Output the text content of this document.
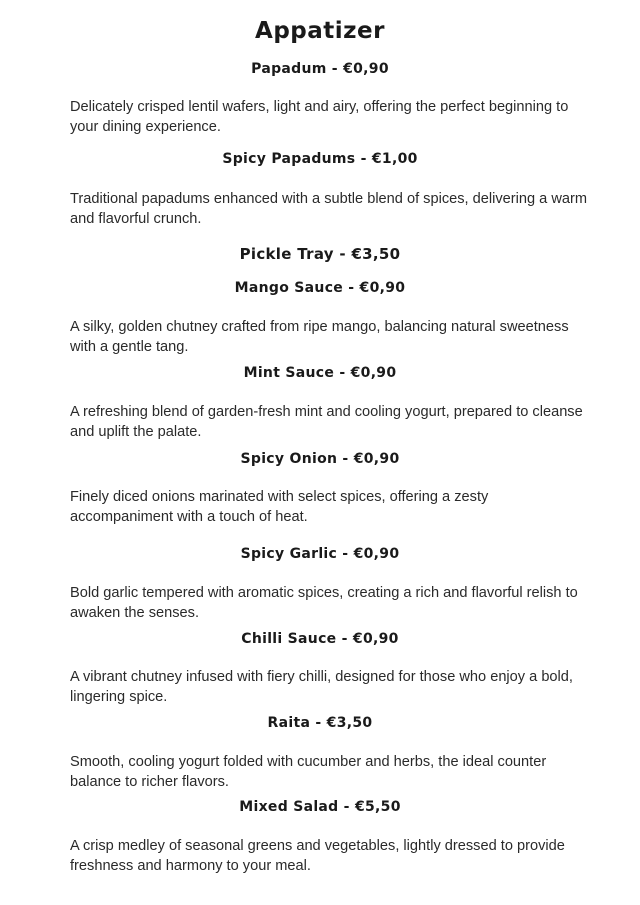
Appatizer
Papadum - €0,90
Delicately crisped lentil wafers, light and airy, offering the perfect beginning to your dining experience.
Spicy Papadums - €1,00
Traditional papadums enhanced with a subtle blend of spices, delivering a warm and flavorful crunch.
Pickle Tray - €3,50
Mango Sauce - €0,90
A silky, golden chutney crafted from ripe mango, balancing natural sweetness with a gentle tang.
Mint Sauce - €0,90
A refreshing blend of garden-fresh mint and cooling yogurt, prepared to cleanse and uplift the palate.
Spicy Onion - €0,90
Finely diced onions marinated with select spices, offering a zesty accompaniment with a touch of heat.
Spicy Garlic - €0,90
Bold garlic tempered with aromatic spices, creating a rich and flavorful relish to awaken the senses.
Chilli Sauce - €0,90
A vibrant chutney infused with fiery chilli, designed for those who enjoy a bold, lingering spice.
Raita - €3,50
Smooth, cooling yogurt folded with cucumber and herbs, the ideal counter balance to richer flavors.
Mixed Salad - €5,50
A crisp medley of seasonal greens and vegetables, lightly dressed to provide freshness and harmony to your meal.
